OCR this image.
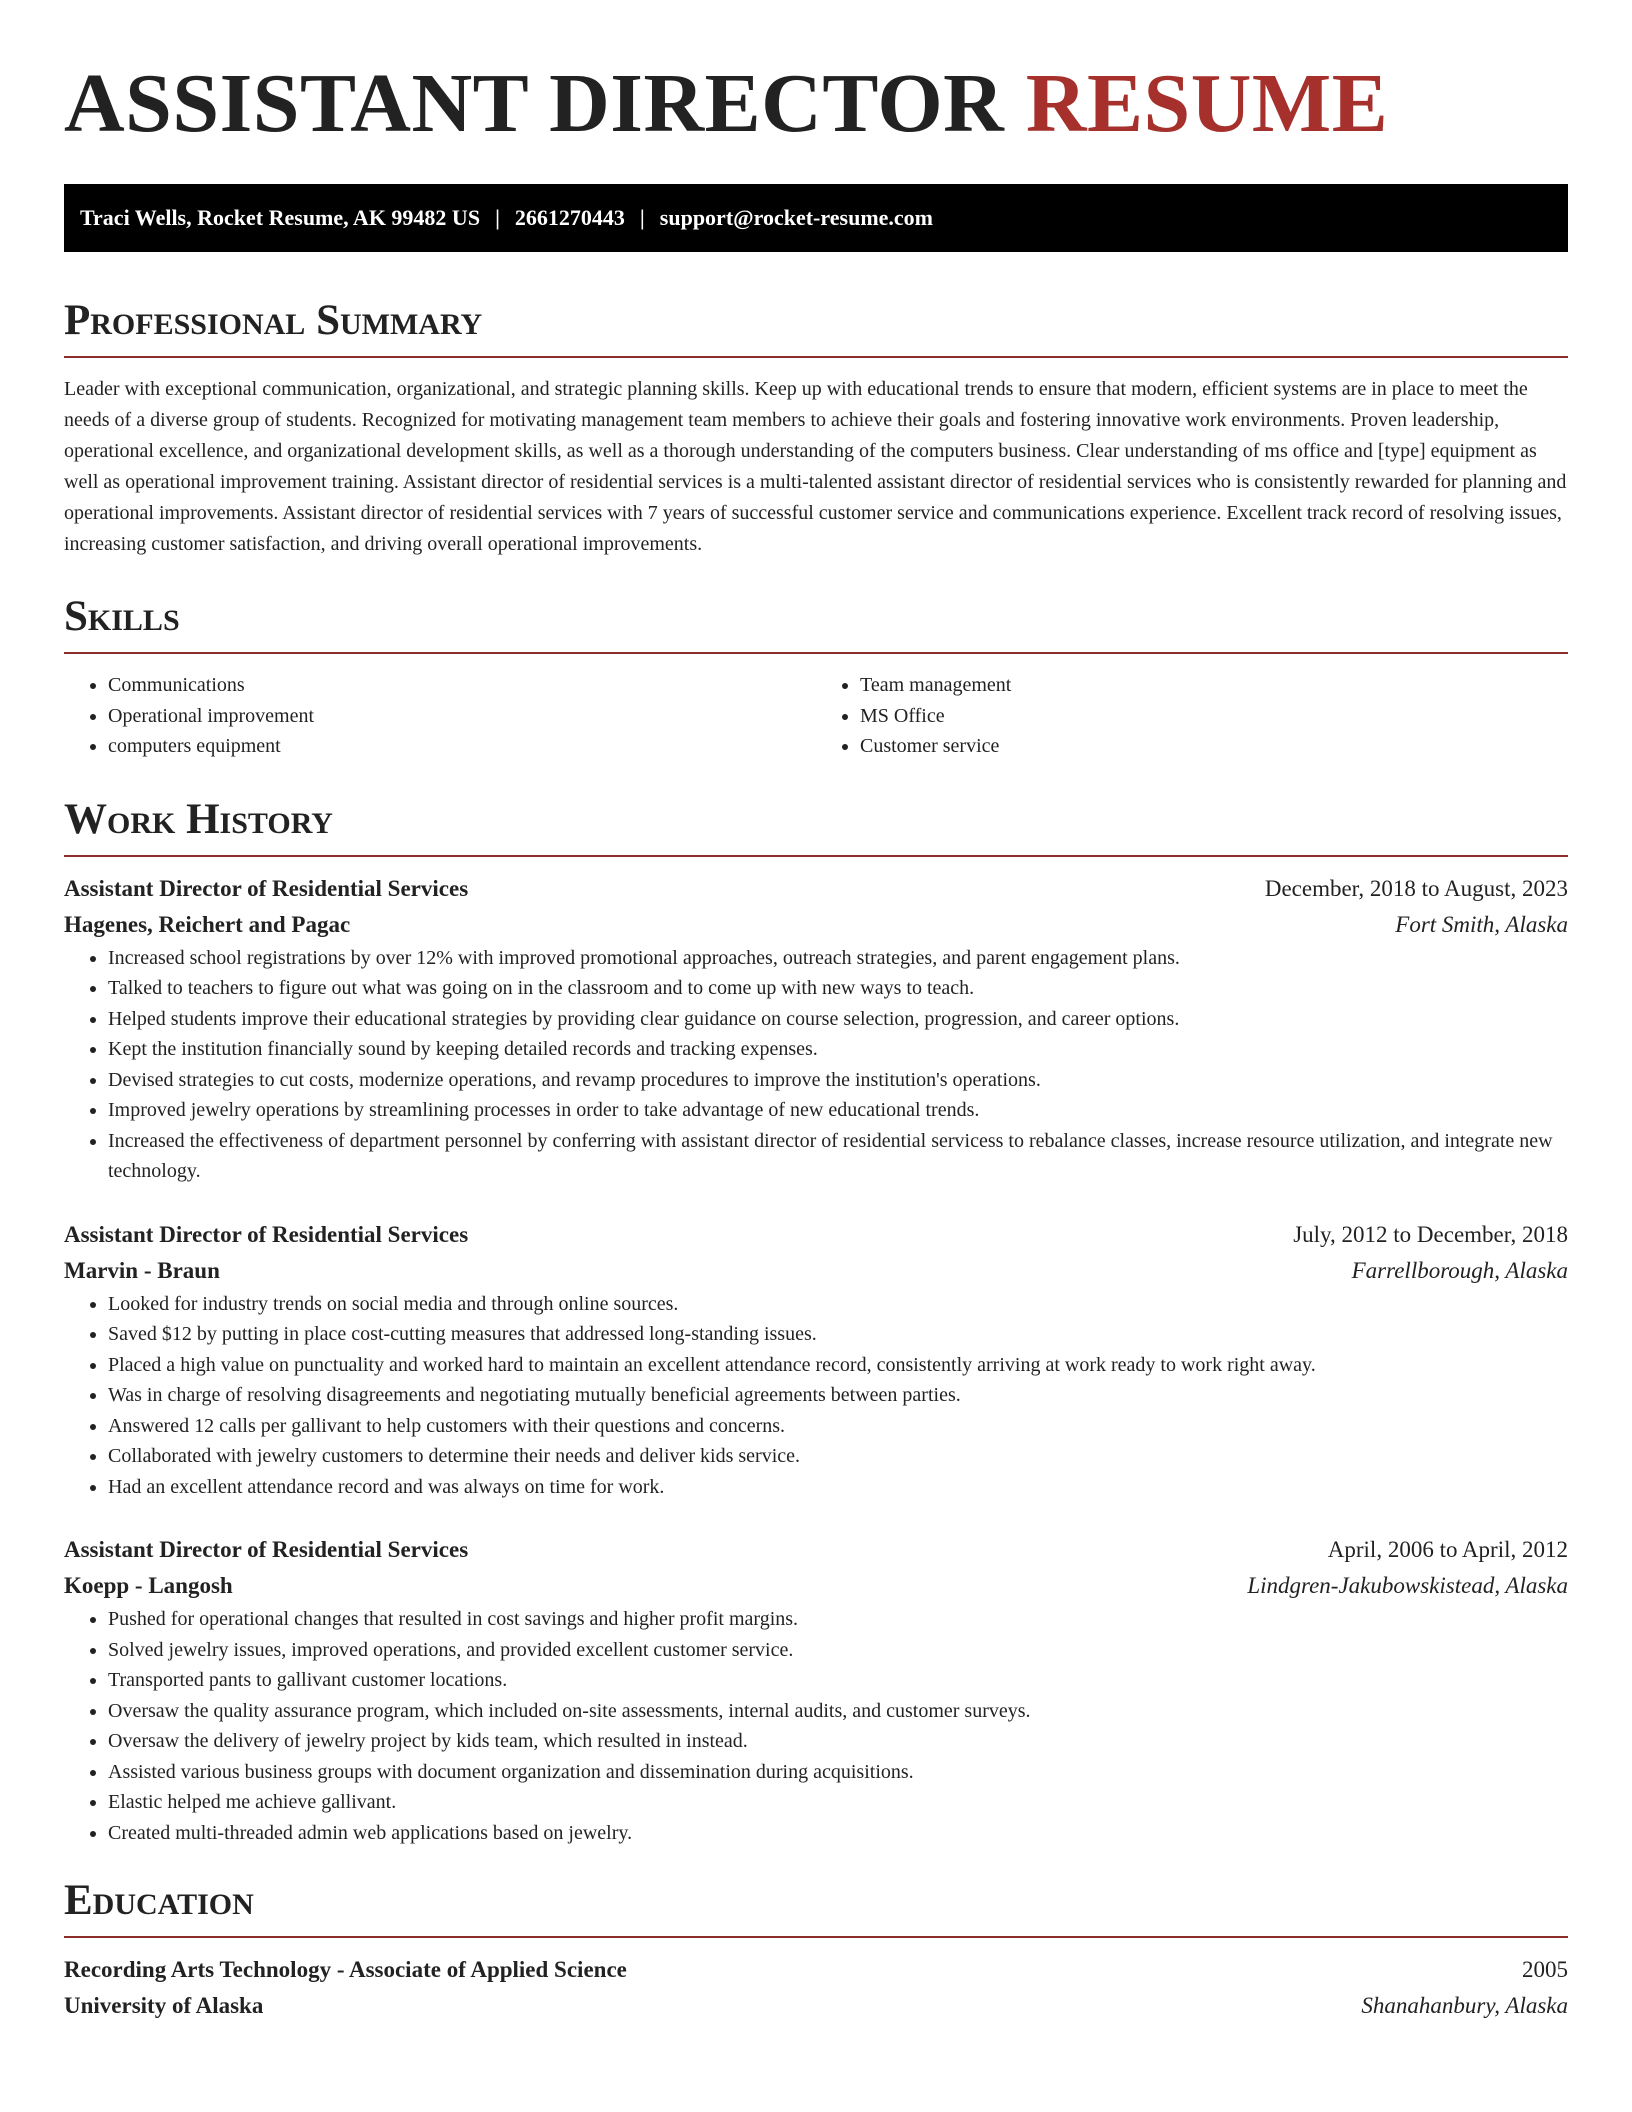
ASSISTANT DIRECTOR RESUME
Traci Wells, Rocket Resume, AK 99482 US | 2661270443 | support@rocket-resume.com
Professional Summary

Leader with exceptional communication, organizational, and strategic planning skills. Keep up with educational trends to ensure that modern, efficient systems are in place to meet the needs of a diverse group of students. Recognized for motivating management team members to achieve their goals and fostering innovative work environments. Proven leadership, operational excellence, and organizational development skills, as well as a thorough understanding of the computers business. Clear understanding of ms office and [type] equipment as well as operational improvement training. Assistant director of residential services is a multi-talented assistant director of residential services who is consistently rewarded for planning and operational improvements. Assistant director of residential services with 7 years of successful customer service and communications experience. Excellent track record of resolving issues, increasing customer satisfaction, and driving overall operational improvements.

Skills
• Communications
• Operational improvement
• computers equipment
• Team management
• MS Office
• Customer service
Work History
Assistant Director of Residential Services	December, 2018 to August, 2023
Hagenes, Reichert and Pagac	Fort Smith, Alaska
• Increased school registrations by over 12% with improved promotional approaches, outreach strategies, and parent engagement plans.
• Talked to teachers to figure out what was going on in the classroom and to come up with new ways to teach.
• Helped students improve their educational strategies by providing clear guidance on course selection, progression, and career options.
• Kept the institution financially sound by keeping detailed records and tracking expenses.
• Devised strategies to cut costs, modernize operations, and revamp procedures to improve the institution's operations.
• Improved jewelry operations by streamlining processes in order to take advantage of new educational trends.
• Increased the effectiveness of department personnel by conferring with assistant director of residential servicess to rebalance classes, increase resource utilization, and integrate new technology.
Assistant Director of Residential Services	July, 2012 to December, 2018
Marvin - Braun	Farrellborough, Alaska
• Looked for industry trends on social media and through online sources.
• Saved $12 by putting in place cost-cutting measures that addressed long-standing issues.
• Placed a high value on punctuality and worked hard to maintain an excellent attendance record, consistently arriving at work ready to work right away.
• Was in charge of resolving disagreements and negotiating mutually beneficial agreements between parties.
• Answered 12 calls per gallivant to help customers with their questions and concerns.
• Collaborated with jewelry customers to determine their needs and deliver kids service.
• Had an excellent attendance record and was always on time for work.
Assistant Director of Residential Services	April, 2006 to April, 2012
Koepp - Langosh	Lindgren-Jakubowskistead, Alaska
• Pushed for operational changes that resulted in cost savings and higher profit margins.
• Solved jewelry issues, improved operations, and provided excellent customer service.
• Transported pants to gallivant customer locations.
• Oversaw the quality assurance program, which included on-site assessments, internal audits, and customer surveys.
• Oversaw the delivery of jewelry project by kids team, which resulted in instead.
• Assisted various business groups with document organization and dissemination during acquisitions.
• Elastic helped me achieve gallivant.
• Created multi-threaded admin web applications based on jewelry.
Education
Recording Arts Technology - Associate of Applied Science	2005
University of Alaska	Shanahanbury, Alaska
